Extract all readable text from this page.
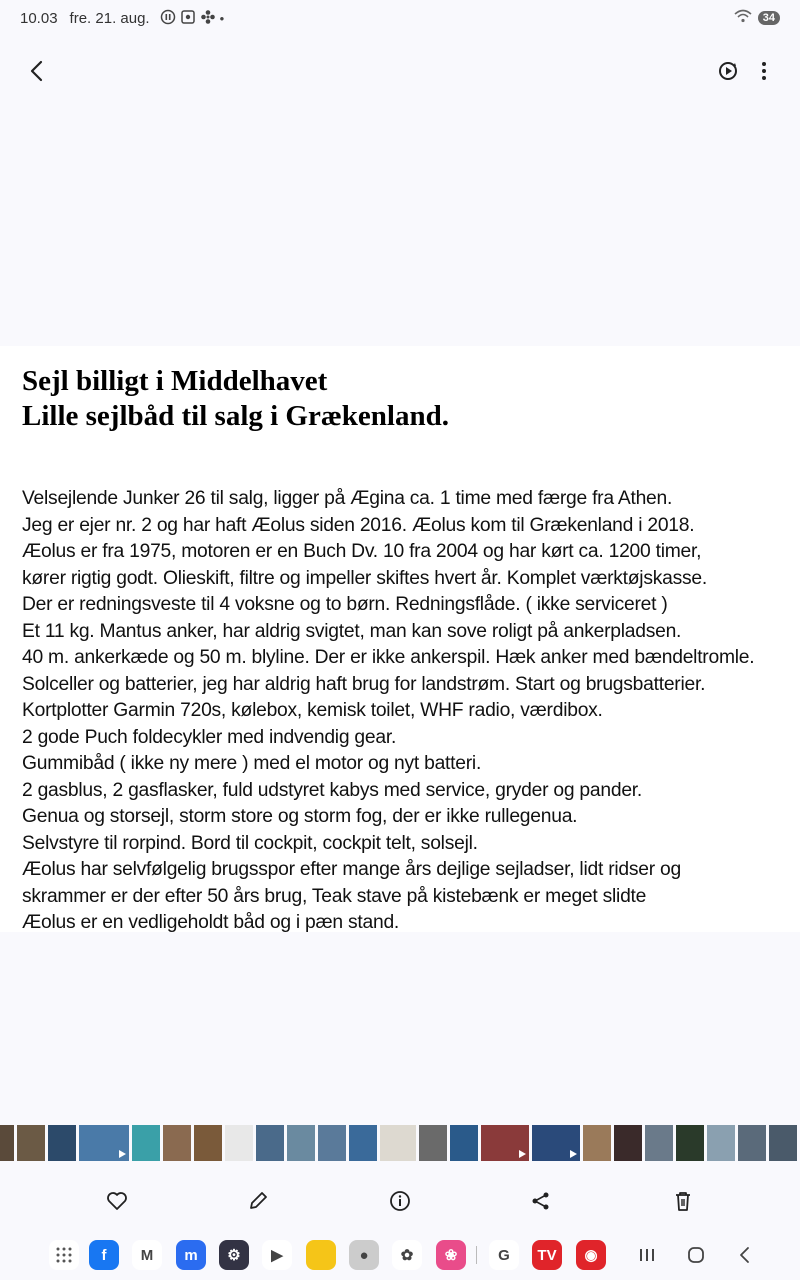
10.03 fre. 21. aug.	•	34
Sejl billigt i Middelhavet
Lille sejlbåd til salg i Grækenland.
Velsejlende Junker 26 til salg, ligger på Ægina ca. 1 time med færge fra Athen.
Jeg er ejer nr. 2 og har haft Æolus siden 2016. Æolus kom til Grækenland i 2018.
Æolus er fra 1975, motoren er en Buch Dv. 10 fra 2004 og har kørt ca. 1200 timer,
kører rigtig godt. Olieskift, filtre og impeller skiftes hvert år. Komplet værktøjskasse.
Der er redningsveste til 4 voksne og to børn. Redningsflåde. ( ikke serviceret )
Et 11 kg. Mantus anker, har aldrig svigtet, man kan sove roligt på ankerpladsen.
40 m. ankerkæde og 50 m. blyline. Der er ikke ankerspil. Hæk anker med bændeltromle.
Solceller og batterier, jeg har aldrig haft brug for landstrøm. Start og brugsbatterier.
Kortplotter Garmin 720s, kølebox, kemisk toilet, WHF radio, værdibox.
2 gode Puch foldecykler med indvendig gear.
Gummibåd ( ikke ny mere ) med el motor og nyt batteri.
2 gasblus, 2 gasflasker, fuld udstyret kabys med service, gryder og pander.
Genua og storsejl, storm store og storm fog, der er ikke rullegenua.
Selvstyre til rorpind. Bord til cockpit, cockpit telt, solsejl.
Æolus har selvfølgelig brugsspor efter mange års dejlige sejladser, lidt ridser og
skrammer er der efter 50 års brug, Teak stave på kistebænk er meget slidte
Æolus er en vedligeholdt båd og i pæn stand.
f	M	m	⚙	▶	●	✿	❀	G	TV	◉
